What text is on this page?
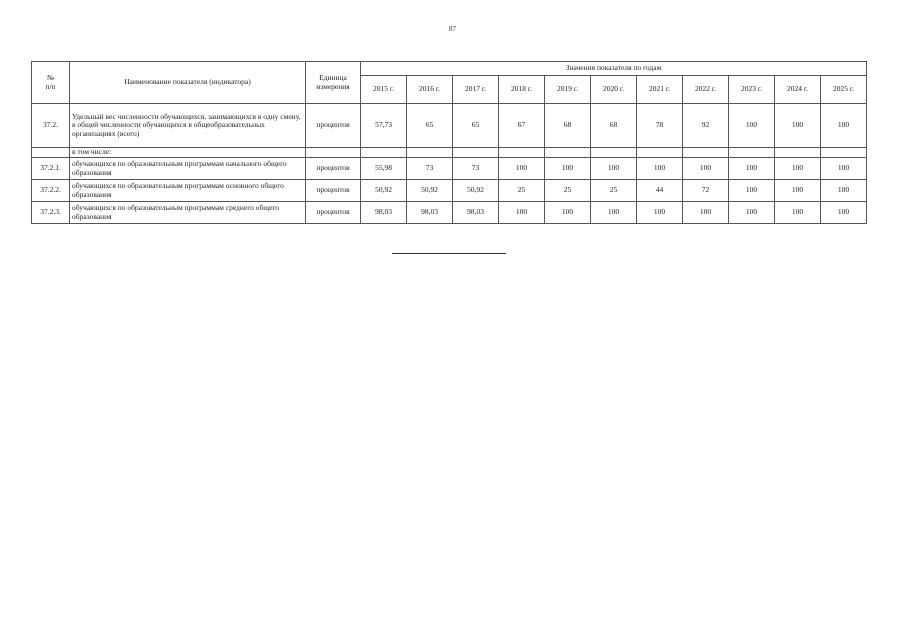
87
№
п/п	Наименование показателя (индикатора)	Единица
измерения	Значения показателя по годам										
			2015 г.	2016 г.	2017 г.	2018 г.	2019 г.	2020 г.	2021 г.	2022 г.	2023 г.	2024 г.	2025 г.
37.2.	Удельный вес численности обучающихся, занимающихся в одну смену, в общей численности обучающихся в общеобразовательных организациях (всего)	процентов	57,73	65	65	67	68	68	78	92	100	100	100
	в том числе:												
37.2.1.	обучающихся по образовательным программам начального общего образования	процентов	55,98	73	73	100	100	100	100	100	100	100	100
37.2.2.	обучающихся по образовательным программам основного общего образования	процентов	50,92	50,92	50,92	25	25	25	44	72	100	100	100
37.2.3.	обучающихся по образовательным программам среднего общего образования	процентов	98,03	98,03	98,03	100	100	100	100	100	100	100	100
